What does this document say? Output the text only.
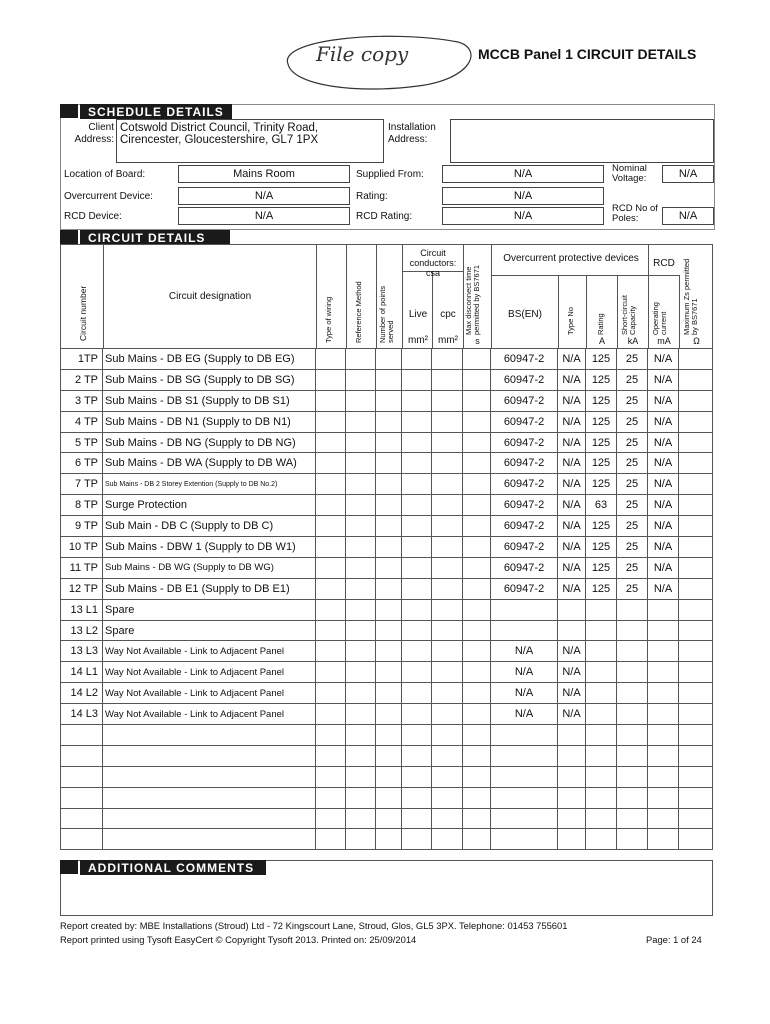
File copy	MCCB Panel 1 CIRCUIT DETAILS
SCHEDULE DETAILS
Client Address:
Cotswold District Council, Trinity Road,
Cirencester, Gloucestershire, GL7 1PX
Installation Address:
Location of Board:	Mains Room	Supplied From:	N/A	Nominal Voltage:	N/A
Overcurrent Device:	N/A	Rating:	N/A
RCD Device:	N/A	RCD Rating:	N/A
RCD No of Poles:	N/A
CIRCUIT DETAILS
Circuit number	Circuit designation
Type of wiring	Reference Method Number of points served
Circuit conductors: csa
Live	cpc
mm²	mm²
Max disconnect time permitted by BS7671
s
Overcurrent protective devices
BS(EN)	Type No	Rating
A
Short-circuit Capacity
kA
RCD
Operating current
mA
Maximum Zs permitted by BS7671
Ω
1TP	Sub Mains - DB EG (Supply to DB EG)							60947-2	N/A	125	25	N/A	
2 TP	Sub Mains - DB SG (Supply to DB SG)							60947-2	N/A	125	25	N/A	
3 TP	Sub Mains - DB S1 (Supply to DB S1)							60947-2	N/A	125	25	N/A	
4 TP	Sub Mains - DB N1 (Supply to DB N1)							60947-2	N/A	125	25	N/A	
5 TP	Sub Mains - DB NG (Supply to DB NG)							60947-2	N/A	125	25	N/A	
6 TP	Sub Mains - DB WA (Supply to DB WA)							60947-2	N/A	125	25	N/A	
7 TP	Sub Mains - DB 2 Storey Extention (Supply to DB No.2)							60947-2	N/A	125	25	N/A	
8 TP	Surge Protection							60947-2	N/A	63	25	N/A	
9 TP	Sub Main - DB C (Supply to DB C)							60947-2	N/A	125	25	N/A	
10 TP	Sub Mains - DBW 1 (Supply to DB W1)							60947-2	N/A	125	25	N/A	
11 TP	Sub Mains - DB WG (Supply to DB WG)							60947-2	N/A	125	25	N/A	
12 TP	Sub Mains - DB E1 (Supply to DB E1)							60947-2	N/A	125	25	N/A	
13 L1	Spare												
13 L2	Spare												
13 L3	Way Not Available - Link to Adjacent Panel							N/A	N/A				
14 L1	Way Not Available - Link to Adjacent Panel							N/A	N/A				
14 L2	Way Not Available - Link to Adjacent Panel							N/A	N/A				
14 L3	Way Not Available - Link to Adjacent Panel							N/A	N/A				

ADDITIONAL COMMENTS
Report created by: MBE Installations (Stroud) Ltd - 72 Kingscourt Lane, Stroud, Glos, GL5 3PX. Telephone: 01453 755601
Report printed using Tysoft EasyCert © Copyright Tysoft 2013. Printed on: 25/09/2014	Page: 1 of 24
